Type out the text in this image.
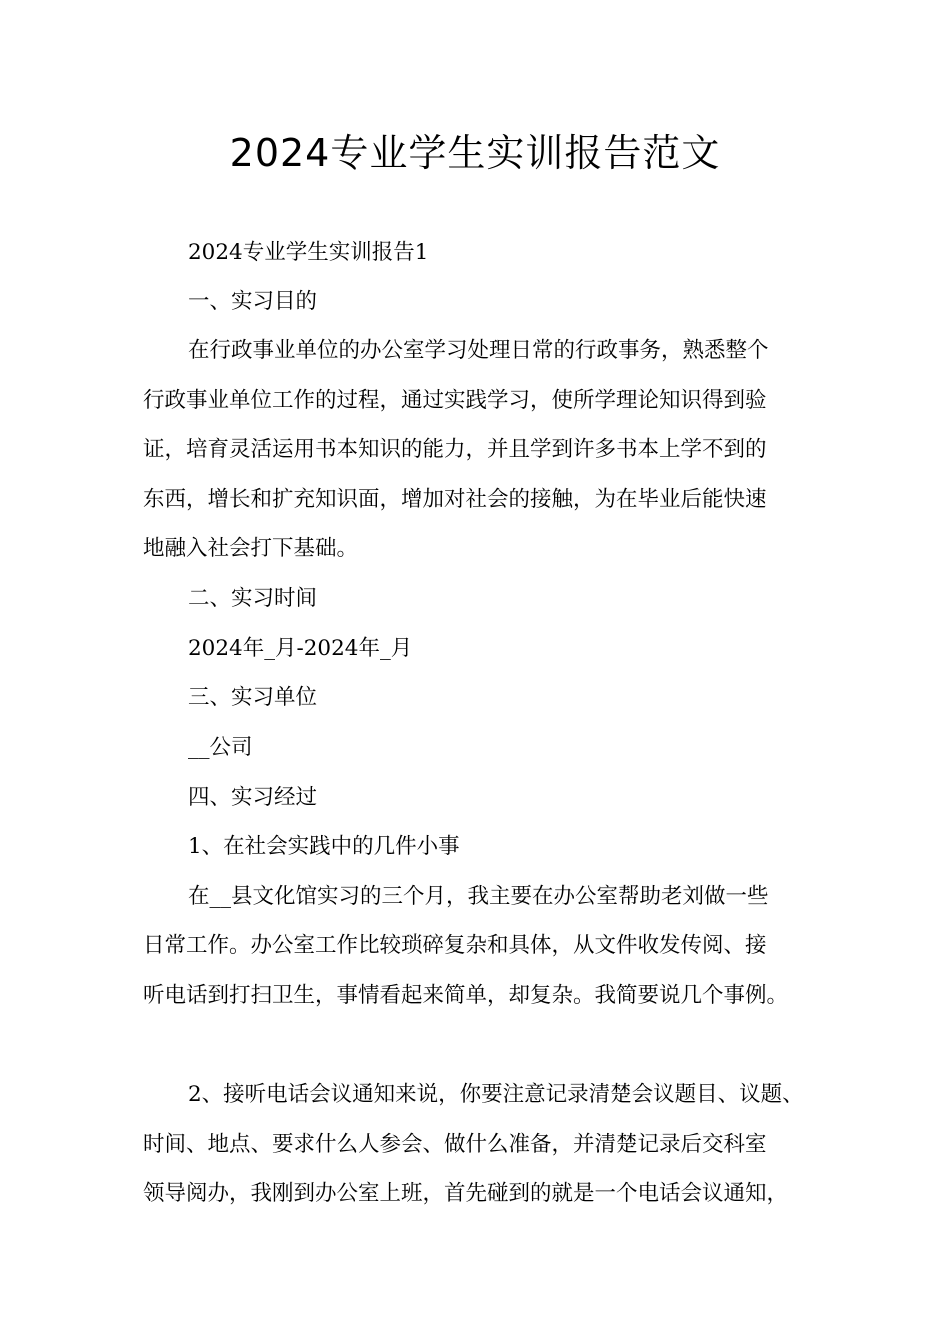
2024专业学生实训报告范文
2024专业学生实训报告1
一、实习目的
在行政事业单位的办公室学习处理日常的行政事务，熟悉整个
行政事业单位工作的过程，通过实践学习，使所学理论知识得到验
证，培育灵活运用书本知识的能力，并且学到许多书本上学不到的
东西，增长和扩充知识面，增加对社会的接触，为在毕业后能快速
地融入社会打下基础。
二、实习时间
2024年_月-2024年_月
三、实习单位
__公司
四、实习经过
1、在社会实践中的几件小事
在__县文化馆实习的三个月，我主要在办公室帮助老刘做一些
日常工作。办公室工作比较琐碎复杂和具体，从文件收发传阅、接
听电话到打扫卫生，事情看起来简单，却复杂。我简要说几个事例。
2、接听电话会议通知来说，你要注意记录清楚会议题目、议题、
时间、地点、要求什么人参会、做什么准备，并清楚记录后交科室
领导阅办，我刚到办公室上班，首先碰到的就是一个电话会议通知，
